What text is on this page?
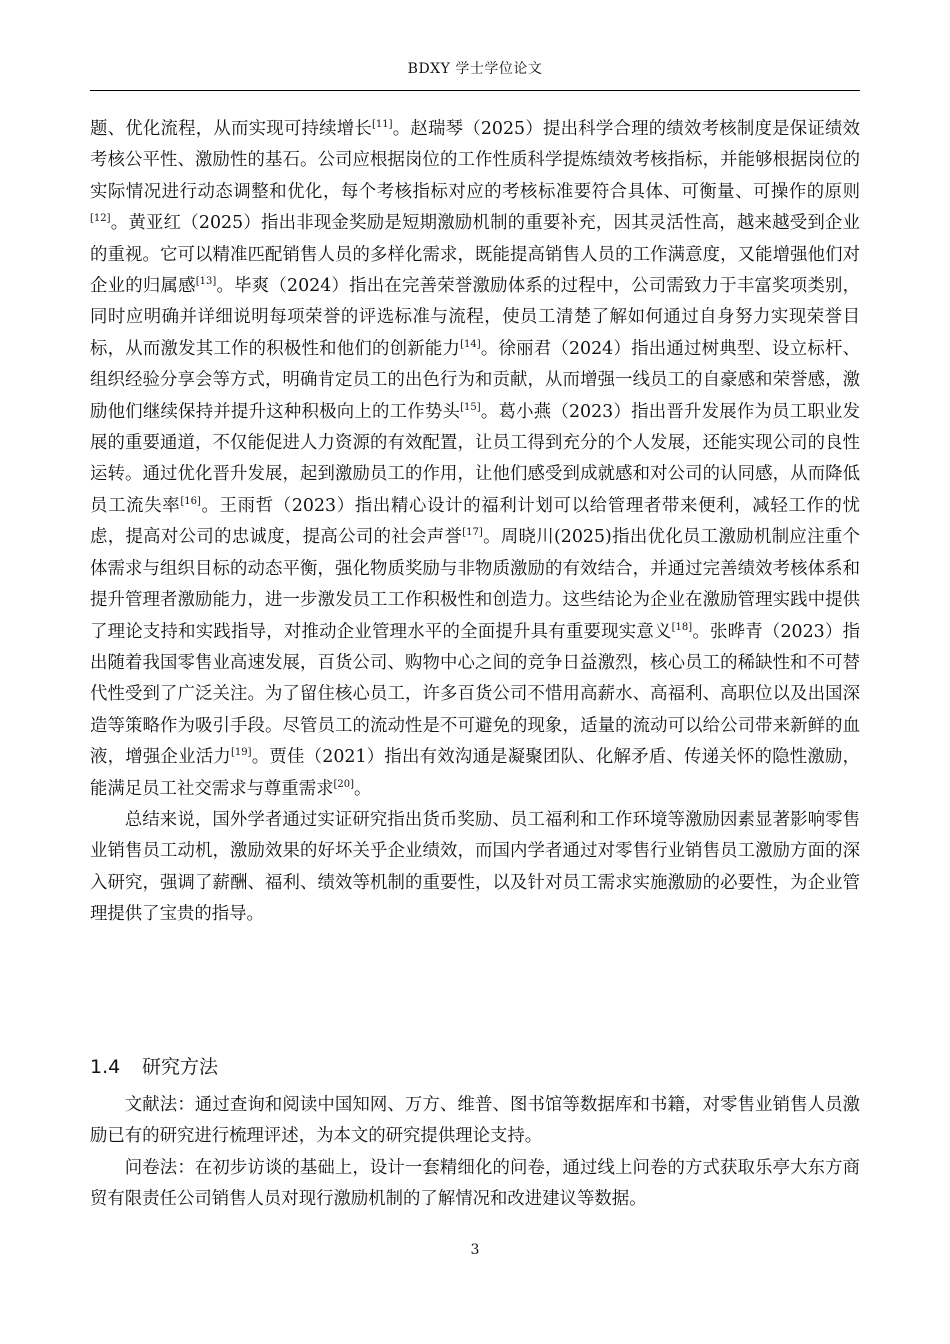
BDXY 学士学位论文

题、优化流程，从而实现可持续增长[11]。赵瑞琴（2025）提出科学合理的绩效考核制度是保证绩效考核公平性、激励性的基石。公司应根据岗位的工作性质科学提炼绩效考核指标，并能够根据岗位的实际情况进行动态调整和优化，每个考核指标对应的考核标准要符合具体、可衡量、可操作的原则[12]。黄亚红（2025）指出非现金奖励是短期激励机制的重要补充，因其灵活性高，越来越受到企业的重视。它可以精准匹配销售人员的多样化需求，既能提高销售人员的工作满意度，又能增强他们对企业的归属感[13]。毕爽（2024）指出在完善荣誉激励体系的过程中，公司需致力于丰富奖项类别，同时应明确并详细说明每项荣誉的评选标准与流程，使员工清楚了解如何通过自身努力实现荣誉目标，从而激发其工作的积极性和他们的创新能力[14]。徐丽君（2024）指出通过树典型、设立标杆、组织经验分享会等方式，明确肯定员工的出色行为和贡献，从而增强一线员工的自豪感和荣誉感，激励他们继续保持并提升这种积极向上的工作势头[15]。葛小燕（2023）指出晋升发展作为员工职业发展的重要通道，不仅能促进人力资源的有效配置，让员工得到充分的个人发展，还能实现公司的良性运转。通过优化晋升发展，起到激励员工的作用，让他们感受到成就感和对公司的认同感，从而降低员工流失率[16]。王雨哲（2023）指出精心设计的福利计划可以给管理者带来便利，减轻工作的忧虑，提高对公司的忠诚度，提高公司的社会声誉[17]。周晓川(2025)指出优化员工激励机制应注重个体需求与组织目标的动态平衡，强化物质奖励与非物质激励的有效结合，并通过完善绩效考核体系和提升管理者激励能力，进一步激发员工工作积极性和创造力。这些结论为企业在激励管理实践中提供了理论支持和实践指导，对推动企业管理水平的全面提升具有重要现实意义[18]。张晔青（2023）指出随着我国零售业高速发展，百货公司、购物中心之间的竞争日益激烈，核心员工的稀缺性和不可替代性受到了广泛关注。为了留住核心员工，许多百货公司不惜用高薪水、高福利、高职位以及出国深造等策略作为吸引手段。尽管员工的流动性是不可避免的现象，适量的流动可以给公司带来新鲜的血液，增强企业活力[19]。贾佳（2021）指出有效沟通是凝聚团队、化解矛盾、传递关怀的隐性激励，能满足员工社交需求与尊重需求[20]。

总结来说，国外学者通过实证研究指出货币奖励、员工福利和工作环境等激励因素显著影响零售业销售员工动机，激励效果的好坏关乎企业绩效，而国内学者通过对零售行业销售员工激励方面的深入研究，强调了薪酬、福利、绩效等机制的重要性，以及针对员工需求实施激励的必要性，为企业管理提供了宝贵的指导。

1.4 研究方法

文献法：通过查询和阅读中国知网、万方、维普、图书馆等数据库和书籍，对零售业销售人员激励已有的研究进行梳理评述，为本文的研究提供理论支持。

问卷法：在初步访谈的基础上，设计一套精细化的问卷，通过线上问卷的方式获取乐亭大东方商贸有限责任公司销售人员对现行激励机制的了解情况和改进建议等数据。

3
